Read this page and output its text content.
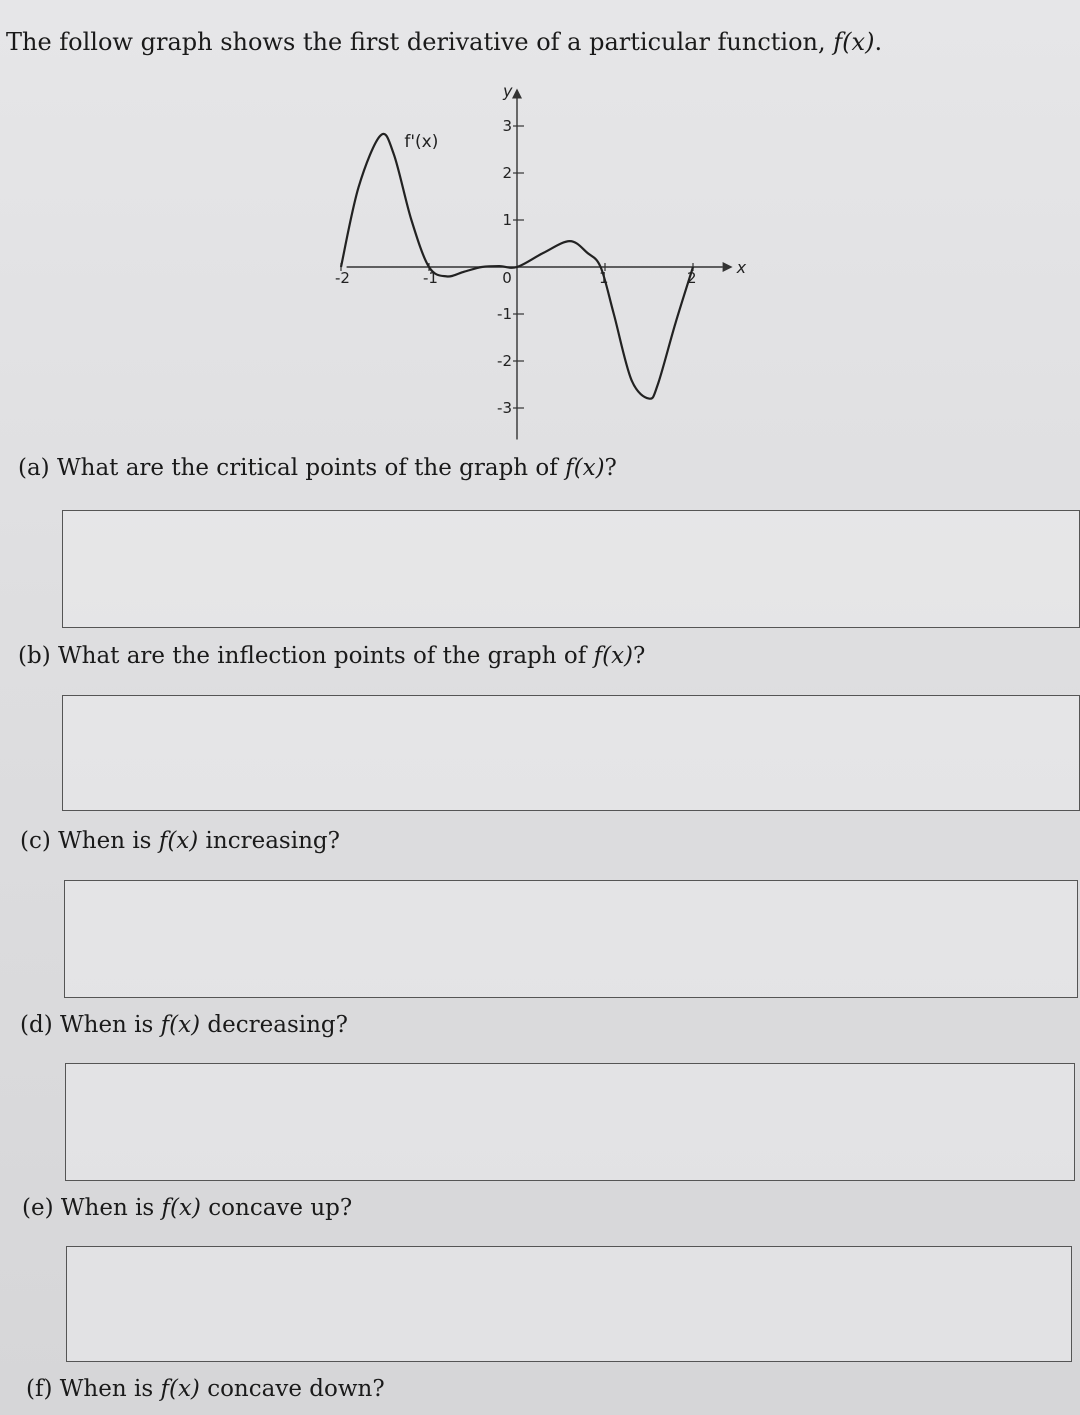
The follow graph shows the first derivative of a particular function, f(x).
x
y
-2	-1	0	1	2
-3
-2
-1
1
2
3
f'(x)
(a) What are the critical points of the graph of f(x)?
(b) What are the inflection points of the graph of f(x)?
(c) When is f(x) increasing?
(d) When is f(x) decreasing?
(e) When is f(x) concave up?
(f) When is f(x) concave down?
